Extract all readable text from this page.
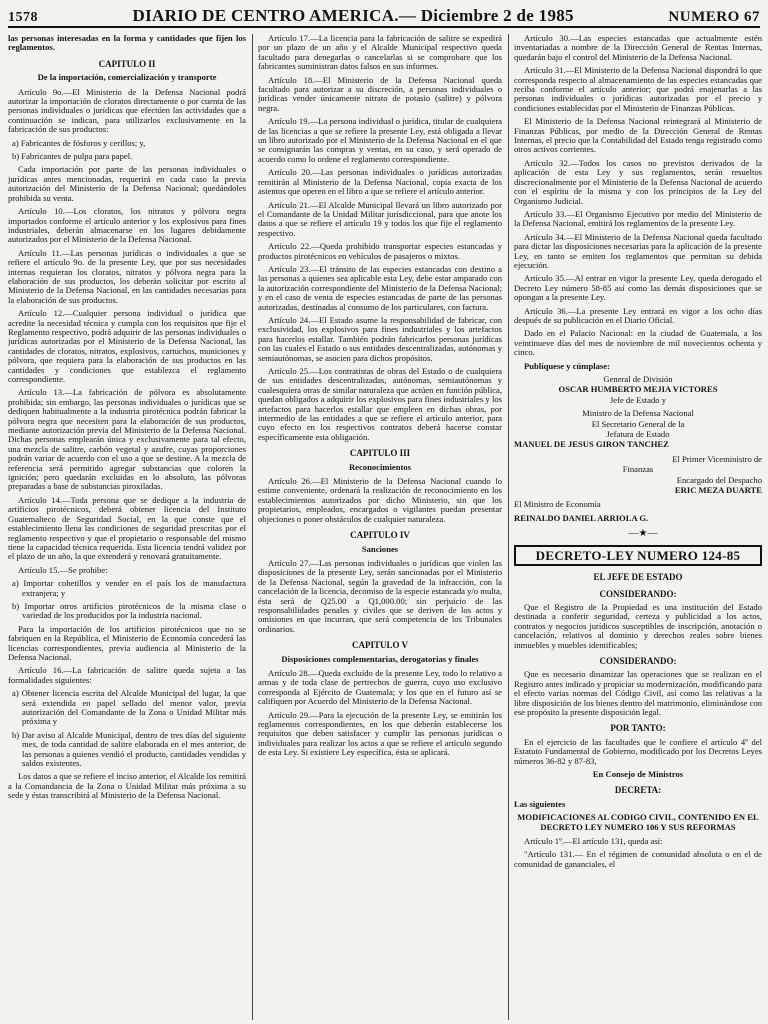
1578	DIARIO DE CENTRO AMERICA.— Diciembre 2 de 1985	NUMERO 67

las personas interesadas en la forma y cantidades que fijen los reglamentos.

CAPITULO II

De la importación, comercialización y transporte

Artículo 9o.—El Ministerio de la Defensa Nacional podrá autorizar la importación de cloratos directamente o por cuenta de las personas individuales o jurídicas que efectúen las actividades que a continuación se indican, para utilizarlos exclusivamente en la fabricación de sus productos:

a) Fabricantes de fósforos y cerillos; y,

b) Fabricantes de pulpa para papel.

Cada importación por parte de las personas individuales o jurídicas antes mencionadas, requerirá en cada caso la previa autorización del Ministerio de la Defensa Nacional; quedándoles prohibida su venta.

Artículo 10.—Los cloratos, los nitratos y pólvora negra importados conforme el artículo anterior y los explosivos para fines industriales, deberán almacenarse en los lugares debidamente autorizados por el Ministerio de la Defensa Nacional.

Artículo 11.—Las personas jurídicas o individuales a que se refiere el artículo 9o. de la presente Ley, que por sus necesidades internas requieran los cloratos, nitratos y pólvora negra para la elaboración de sus productos, los deberán solicitar por escrito al Ministerio de la Defensa Nacional, en las cantidades necesarias para la elaboración de sus productos.

Artículo 12.—Cualquier persona individual o jurídica que acredite la necesidad técnica y cumpla con los requisitos que fije el Reglamento respectivo, podrá adquirir de las personas individuales o jurídicas autorizadas por el Ministerio de la Defensa Nacional, las cantidades de cloratos, nitratos, explosivos, cartuchos, municiones y pólvora, que requiera para la elaboración de sus productos en las cantidades y condiciones que establezca el reglamento correspondiente.

Artículo 13.—La fabricación de pólvora es absolutamente prohibida; sin embargo, las personas individuales o jurídicas que se dediquen habitualmente a la industria pirotécnica podrán fabricar la pólvora negra que necesiten para la elaboración de sus productos, mediante autorización previa del Ministerio de la Defensa Nacional. Dichas personas emplearán única y exclusivamente para tal efecto, una mezcla de salitre, carbón vegetal y azufre, cuyas proporciones podrán variar de acuerdo con el uso a que se destine. A la mezcla de referencia será permitido agregar substancias que coloren la ignición; pero quedarán excluidas en lo absoluto, las pólvoras preparadas a base de substancias piroxiladas.

Artículo 14.—Toda persona que se dedique a la industria de artificios pirotécnicos, deberá obtener licencia del Instituto Guatemalteco de Seguridad Social, en la que conste que el establecimiento llena las condiciones de seguridad prescritas por el reglamento respectivo y que el propietario o responsable del mismo tiene la capacidad técnica requerida. Esta licencia tendrá validez por el plazo de un año, la que extenderá y renovará gratuitamente.

Artículo 15.—Se prohibe:

a) Importar cohetillos y vender en el país los de manufactura extranjera; y

b) Importar otros artificios pirotécnicos de la misma clase o variedad de los producidos por la industria nacional.

Para la importación de los artificios pirotécnicos que no se fabriquen en la República, el Ministerio de Economía concederá las licencias correspondientes, previa audiencia al Ministerio de la Defensa Nacional.

Artículo 16.—La fabricación de salitre queda sujeta a las formalidades siguientes:

a) Obtener licencia escrita del Alcalde Municipal del lugar, la que será extendida en papel sellado del menor valor, previa autorización del Comandante de la Zona o Unidad Militar más próxima y

b) Dar aviso al Alcalde Municipal, dentro de tres días del siguiente mes, de toda cantidad de salitre elaborada en el mes anterior, de las personas a quienes vendió el producto, cantidades vendidas y saldos existentes.

Los datos a que se refiere el inciso anterior, el Alcalde los remitirá a la Comandancia de la Zona o Unidad Militar más próxima a su sede y éstas transcribirá al Ministerio de la Defensa Nacional.

Artículo 17.—La licencia para la fabricación de salitre se expedirá por un plazo de un año y el Alcalde Municipal respectivo queda facultado para denegarlas o cancelarlas si se comprobare que los fabricantes suministran datos falsos en sus informes.

Artículo 18.—El Ministerio de la Defensa Nacional queda facultado para autorizar a su discreción, a personas individuales o jurídicas vender únicamente nitrato de potasio (salitre) y pólvora negra.

Artículo 19.—La persona individual o jurídica, titular de cualquiera de las licencias a que se refiere la presente Ley, está obligada a llevar un libro autorizado por el Ministerio de la Defensa Nacional en el que se consignarán las compras y ventas, en su caso, y será operado de acuerdo como lo ordene el reglamento correspondiente.

Artículo 20.—Las personas individuales o jurídicas autorizadas remitirán al Ministerio de la Defensa Nacional, copia exacta de los asientos que operen en el libro a que se refiere el artículo anterior.

Artículo 21.—El Alcalde Municipal llevará un libro autorizado por el Comandante de la Unidad Militar jurisdiccional, para que anote los datos a que se refiere el artículo 19 y todos los que fije el reglamento respectivo.

Artículo 22.—Queda prohibido transportar especies estancadas y productos pirotécnicos en vehículos de pasajeros o mixtos.

Artículo 23.—El tránsito de las especies estancadas con destino a las personas a quienes sea aplicable esta Ley, debe estar amparado con la autorización correspondiente del Ministerio de la Defensa Nacional; y en el caso de venta de especies estancadas de parte de las personas autorizadas, destinadas al consumo de los particulares, con factura.

Artículo 24.—El Estado asume la responsabilidad de fabricar, con exclusividad, los explosivos para fines industriales y los artefactos para hacerlos estallar. También podrán fabricarlos personas jurídicas con las cuales el Estado o sus entidades descentralizadas, autónomas y semiautónomas, se asocien para dichos propósitos.

Artículo 25.—Los contratistas de obras del Estado o de cualquiera de sus entidades descentralizadas, autónomas, semiautónomas y cualesquiera otras de similar naturaleza que actúen en función pública, quedan obligados a adquirir los explosivos para fines industriales y los artefactos para hacerlos estallar que empleen en dichas obras, por intermedio de las entidades a que se refiere el artículo anterior, para cuyo efecto en los respectivos contratos deberá hacerse constar específicamente esta obligación.

CAPITULO III

Reconocimientos

Artículo 26.—El Ministerio de la Defensa Nacional cuando lo estime conveniente, ordenará la realización de reconocimiento en los establecimientos autorizados por dicho Ministerio, sin que los propietarios, empleados, encargados o vigilantes puedan presentar objeciones o poner obstáculos de cualquier naturaleza.

CAPITULO IV

Sanciones

Artículo 27.—Las personas individuales o jurídicas que violen las disposiciones de la presente Ley, serán sancionadas por el Ministerio de la Defensa Nacional, según la gravedad de la infracción, con la cancelación de la licencia, decomiso de la especie estancada y/o multa, ésta será de Q25.00 a Q1,000.00; sin perjuicio de las responsabilidades penales y civiles que se deriven de los actos y omisiones en que incurran, que será competencia de los Tribunales ordinarios.

CAPITULO V

Disposiciones complementarias, derogatorias y finales

Artículo 28.—Queda excluído de la presente Ley, todo lo relativo a armas y de toda clase de pertrechos de guerra, cuyo uso exclusivo corresponda al Ejército de Guatemala; y los que en el futuro así se califiquen por Acuerdo del Ministerio de la Defensa Nacional.

Artículo 29.—Para la ejecución de la presente Ley, se emitirán los reglamentos correspondientes, en los que deberán establecerse los requisitos que deben satisfacer y cumplir las personas jurídicas o individuales para realizar los actos a que se refiere el artículo segundo de esta Ley. Si existiere Ley específica, ésta se aplicará.

Artículo 30.—Las especies estancadas que actualmente estén inventariadas a nombre de la Dirección General de Rentas Internas, quedarán bajo el control del Ministerio de la Defensa Nacional.

Artículo 31.—El Ministerio de la Defensa Nacional dispondrá lo que corresponda respecto al almacenamiento de las especies estancadas que reciba conforme el artículo anterior; que podrá enajenarlas a las personas individuales o jurídicas autorizadas por el precio y condiciones establecidas por el Ministerio de Finanzas Públicas.

El Ministerio de la Defensa Nacional reintegrará al Ministerio de Finanzas Públicas, por medio de la Dirección General de Rentas Internas, el precio que la Contabilidad del Estado tenga registrado como otros activos corrientes.

Artículo 32.—Todos los casos no previstos derivados de la aplicación de esta Ley y sus reglamentos, serán resueltos discrecionalmente por el Ministerio de la Defensa Nacional de acuerdo con el espíritu de la misma y con los principios de la Ley del Organismo Judicial.

Artículo 33.—El Organismo Ejecutivo por medio del Ministerio de la Defensa Nacional, emitirá los reglamentos de la presente Ley.

Artículo 34.—El Ministerio de la Defensa Nacional queda facultado para dictar las disposiciones necesarias para la aplicación de la presente Ley, en tanto se emiten los reglamentos que permitan su debida ejecución.

Artículo 35.—Al entrar en vigor la presente Ley, queda derogado el Decreto Ley número 58-85 así como las demás disposiciones que se opongan a la presente Ley.

Artículo 36.—La presente Ley entrará en vigor a los ocho días después de su publicación en el Diario Oficial.

Dado en el Palacio Nacional: en la ciudad de Guatemala, a los veintinueve días del mes de noviembre de mil novecientos ochenta y cinco.

Publíquese y cúmplase:

General de División

OSCAR HUMBERTO MEJIA VICTORES

Jefe de Estado y

Ministro de la Defensa Nacional

El Secretario General de la

Jefatura de Estado

MANUEL DE JESUS GIRON TANCHEZ

El Primer Viceministro de

Finanzas

Encargado del Despacho

ERIC MEZA DUARTE

El Ministro de Economía

REINALDO DANIEL ARRIOLA G.

—★—

DECRETO-LEY NUMERO 124-85

EL JEFE DE ESTADO

CONSIDERANDO:

Que el Registro de la Propiedad es una institución del Estado destinada a conferir seguridad, certeza y publicidad a los actos, contratos y negocios jurídicos susceptibles de inscripción, anotación o cancelación, relativos al dominio y derechos reales sobre bienes inmuebles y muebles identificables;

CONSIDERANDO:

Que es necesario dinamizar las operaciones que se realizan en el Registro antes indicado y propiciar su modernización, modificando para el efecto varias normas del Código Civil, así como las relativas a la libre disposición de los bienes dentro del matrimonio, eliminándose con ese propósito la presente disposición legal.

POR TANTO:

En el ejercicio de las facultades que le confiere el artículo 4º del Estatuto Fundamental de Gobierno, modificado por los Decretos Leyes números 36-82 y 87-83,

En Consejo de Ministros

DECRETA:

Las siguientes

MODIFICACIONES AL CODIGO CIVIL, CONTENIDO EN EL DECRETO LEY NUMERO 106 Y SUS REFORMAS

Artículo 1º.—El artículo 131, queda así:

"Artículo 131.— En el régimen de comunidad absoluta o en el de comunidad de gananciales, el
